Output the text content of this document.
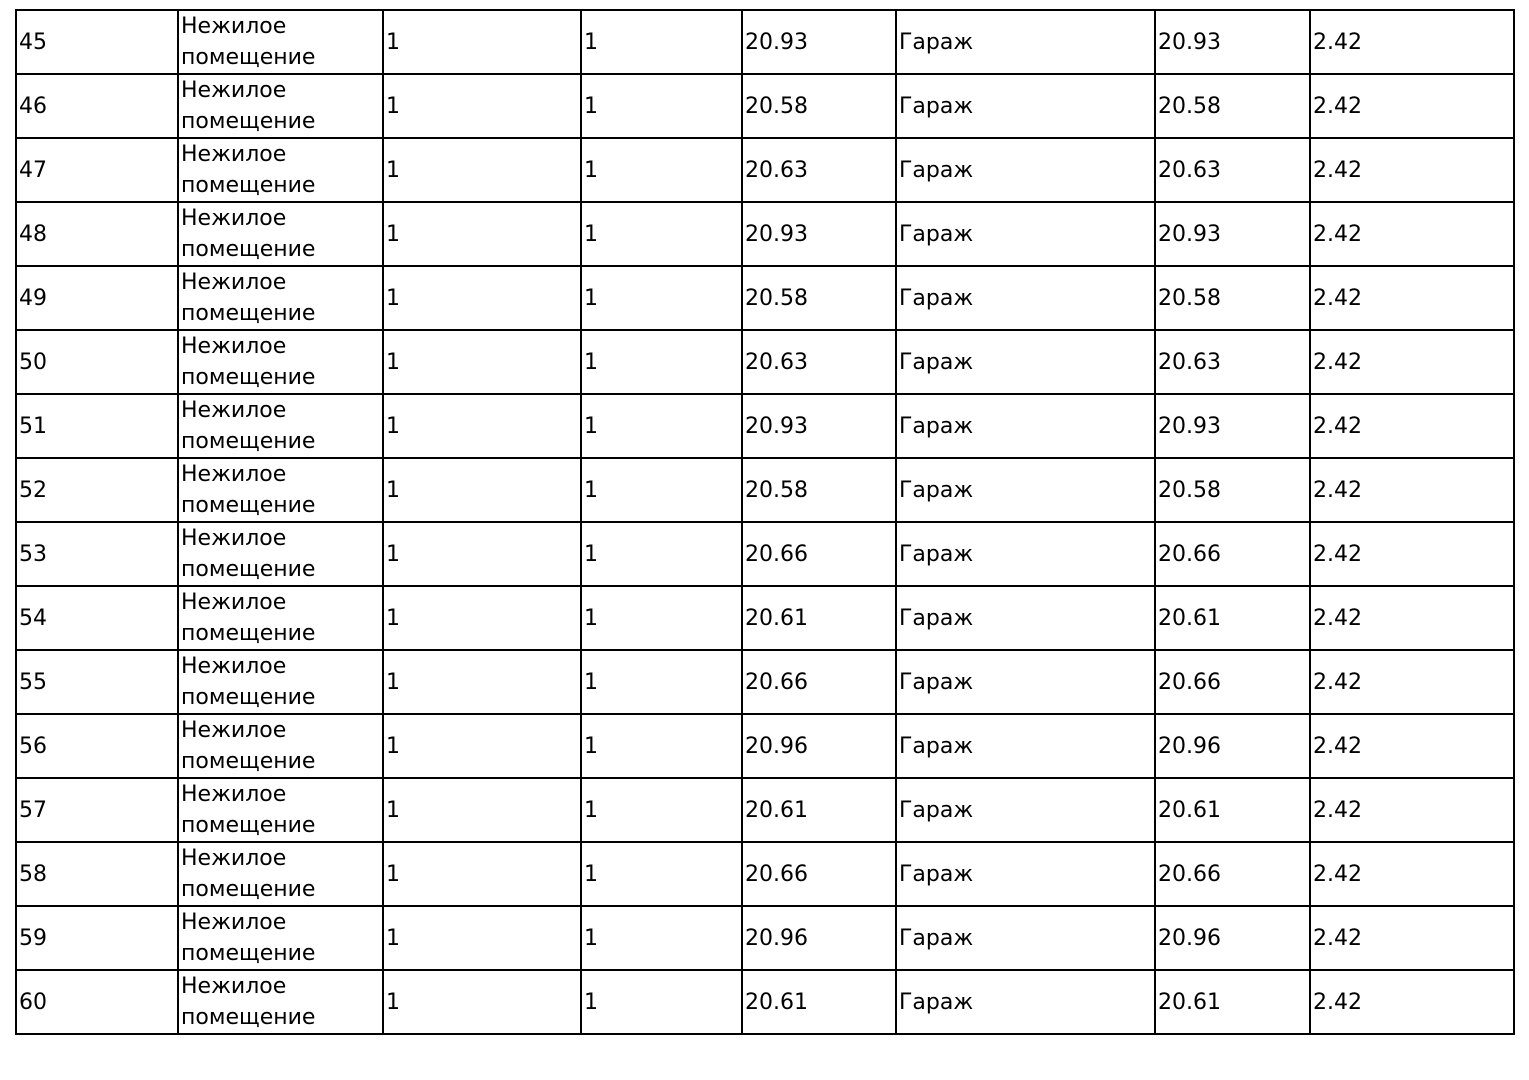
45	Нежилое помещение	1	1	20.93	Гараж	20.93	2.42
46	Нежилое помещение	1	1	20.58	Гараж	20.58	2.42
47	Нежилое помещение	1	1	20.63	Гараж	20.63	2.42
48	Нежилое помещение	1	1	20.93	Гараж	20.93	2.42
49	Нежилое помещение	1	1	20.58	Гараж	20.58	2.42
50	Нежилое помещение	1	1	20.63	Гараж	20.63	2.42
51	Нежилое помещение	1	1	20.93	Гараж	20.93	2.42
52	Нежилое помещение	1	1	20.58	Гараж	20.58	2.42
53	Нежилое помещение	1	1	20.66	Гараж	20.66	2.42
54	Нежилое помещение	1	1	20.61	Гараж	20.61	2.42
55	Нежилое помещение	1	1	20.66	Гараж	20.66	2.42
56	Нежилое помещение	1	1	20.96	Гараж	20.96	2.42
57	Нежилое помещение	1	1	20.61	Гараж	20.61	2.42
58	Нежилое помещение	1	1	20.66	Гараж	20.66	2.42
59	Нежилое помещение	1	1	20.96	Гараж	20.96	2.42
60	Нежилое помещение	1	1	20.61	Гараж	20.61	2.42
